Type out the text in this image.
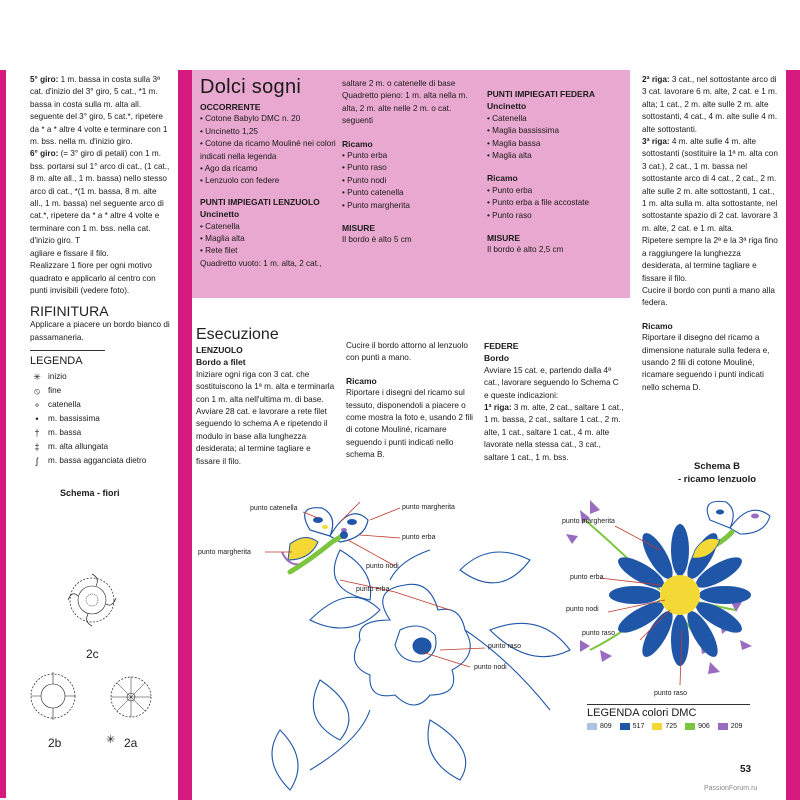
5° giro: 1 m. bassa in costa sulla 3ª cat. d'inizio del 3° giro, 5 cat., *1 m. bassa in costa sulla m. alta all. seguente del 3° giro, 5 cat.*, ripetere da * a * altre 4 volte e terminare con 1 m. bss. nella m. d'inizio giro.

6° giro: (= 3° giro di petali) con 1 m. bss. portarsi sul 1° arco di cat., (1 cat., 8 m. alte all., 1 m. bassa) nello stesso arco di cat., *(1 m. bassa, 8 m. alte all., 1 m. bassa) nel seguente arco di cat.*, ripetere da * a * altre 4 volte e terminare con 1 m. bss. nella cat. d'inizio giro. T

agliare e fissare il filo.

Realizzare 1 fiore per ogni motivo quadrato e applicarlo al centro con punti invisibili (vedere foto).

RIFINITURA

Applicare a piacere un bordo bianco di passamaneria.

LEGENDA
✳ inizio
⦸ fine
⚬ catenella
•	m. bassissima
†	m. bassa
‡	m. alta allungata
ʃ	m. bassa agganciata dietro
Schema - fiori
2c
2b	✳ 2a
Dolci sogni
OCCORRENTE
• Cotone Babylo DMC n. 20
• Uncinetto 1,25
• Cotone da ricamo Mouliné nei colori indicati nella legenda
• Ago da ricamo
• Lenzuolo con federe
PUNTI IMPIEGATI LENZUOLO
Uncinetto
• Catenella
• Maglia alta
• Rete filet
Quadretto vuoto: 1 m. alta, 2 cat.,
saltare 2 m. o catenelle di base
Quadretto pieno: 1 m. alta nella m. alta, 2 m. alte nelle 2 m. o cat. seguenti
Ricamo
• Punto erba
• Punto raso
• Punto nodi
• Punto catenella
• Punto margherita
MISURE
Il bordo è alto 5 cm
PUNTI IMPIEGATI FEDERA
Uncinetto
• Catenella
• Maglia bassissima
• Maglia bassa
• Maglia alta
Ricamo
• Punto erba
• Punto erba a file accostate
• Punto raso
MISURE
Il bordo è alto 2,5 cm

2ª riga: 3 cat., nel sottostante arco di 3 cat. lavorare 6 m. alte, 2 cat. e 1 m. alta; 1 cat., 2 m. alte sulle 2 m. alte sottostanti, 4 cat., 4 m. alte sulle 4 m. alte sottostanti.

3ª riga: 4 m. alte sulle 4 m. alte sottostanti (sostituire la 1ª m. alta con 3 cat.), 2 cat., 1 m. bassa nel sottostante arco di 4 cat., 2 cat., 2 m. alte sulle 2 m. alte sottostanti, 1 cat., 1 m. alta sulla m. alta sottostante, nel sottostante spazio di 2 cat. lavorare 3 m. alte, 2 cat. e 1 m. alta.

Ripetere sempre la 2ª e la 3ª riga fino a raggiungere la lunghezza desiderata, al termine tagliare e fissare il filo.

Cucire il bordo con punti a mano alla federa.

Ricamo

Riportare il disegno del ricamo a dimensione naturale sulla federa e, usando 2 fili di cotone Mouliné, ricamare seguendo i punti indicati nello schema D.

Schema B
- ricamo lenzuolo
Esecuzione
LENZUOLO
Bordo a filet

Iniziare ogni riga con 3 cat. che sostituiscono la 1ª m. alta e terminarla con 1 m. alta nell'ultima m. di base.

Avviare 28 cat. e lavorare a rete filet seguendo lo schema A e ripetendo il modulo in base alla lunghezza desiderata; al termine tagliare e fissare il filo.

Cucire il bordo attorno al lenzuolo con punti a mano.

Ricamo

Riportare i disegni del ricamo sul tessuto, disponendoli a piacere o come mostra la foto e, usando 2 fili di cotone Mouliné, ricamare seguendo i punti indicati nello schema B.

FEDERE
Bordo

Avviare 15 cat. e, partendo dalla 4ª cat., lavorare seguendo lo Schema C e queste indicazioni:

1ª riga: 3 m. alte, 2 cat., saltare 1 cat., 1 m. bassa, 2 cat., saltare 1 cat., 2 m. alte, 1 cat., saltare 1 cat., 4 m. alte lavorate nella stessa cat., 3 cat., saltare 1 cat., 1 m. bss.

punto catenella
punto margherita
punto margherita
punto erba
punto nodi
punto erba
punto raso
punto nodi
punto margherita
punto erba
punto nodi
punto raso
punto raso
LEGENDA colori DMC
809	517	725	906	209
53
PassionForum.ru
